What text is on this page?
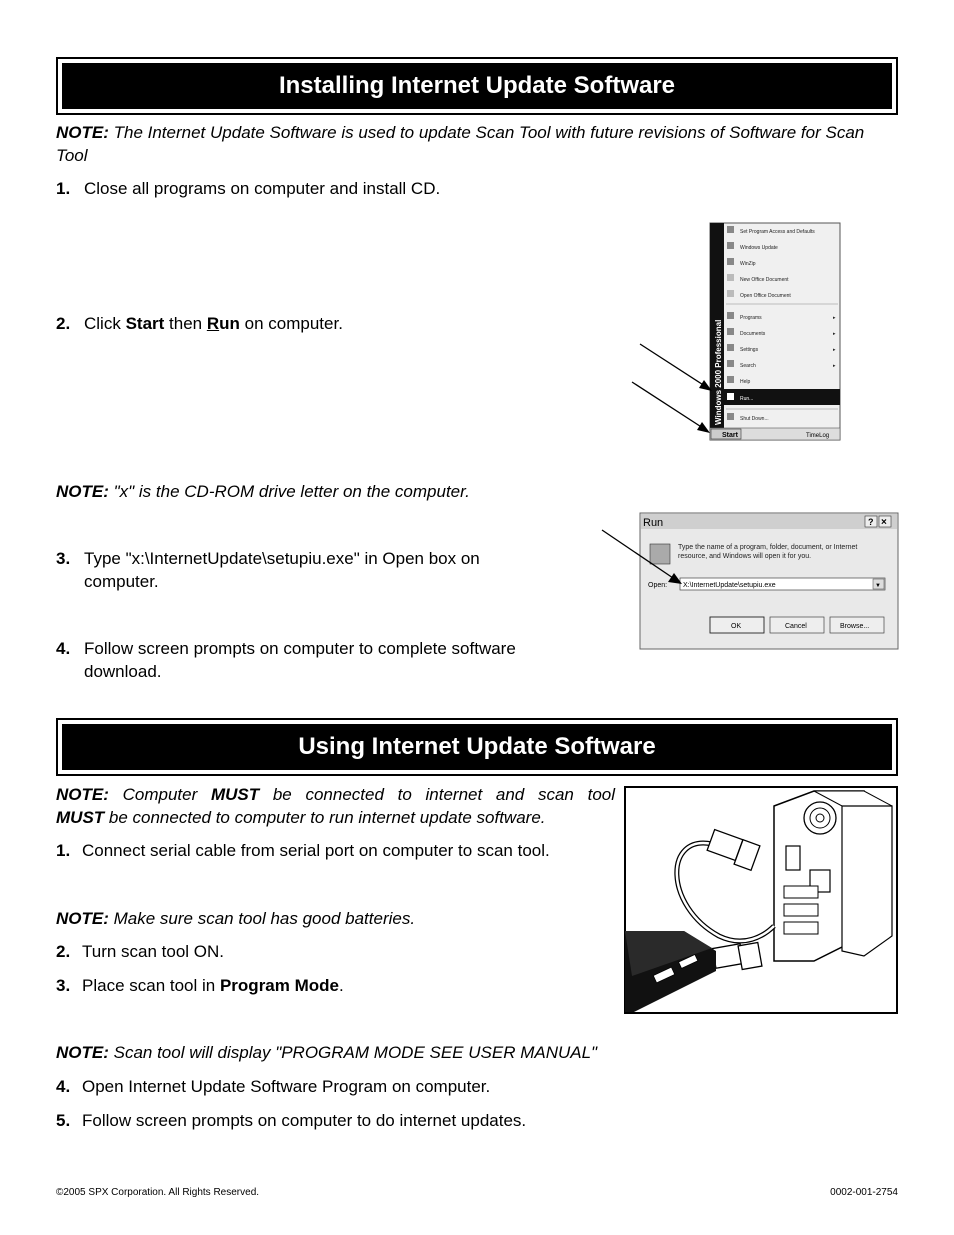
Installing Internet Update Software
NOTE: The Internet Update Software is used to update Scan Tool with future revisions of Software for Scan Tool
1. Close all programs on computer and install CD.
2. Click Start then Run on computer.
NOTE: "x" is the CD-ROM drive letter on the computer.
3. Type "x:\InternetUpdate\setupiu.exe" in Open box on computer.
4. Follow screen prompts on computer to complete software download.
Windows 2000 Professional
Set Program Access and Defaults
Windows Update
WinZip
New Office Document
Open Office Document
Programs	▸
Documents	▸
Settings	▸
Search	▸
Help
Run...
Shut Down...
Start	TimeLog
Run	? ×
Type the name of a program, folder, document, or Internet resource, and Windows will open it for you.
Open: X:\InternetUpdate\setupiu.exe	▼
OK	Cancel	Browse...
Using Internet Update Software
NOTE: Computer MUST be connected to internet and scan tool
MUST be connected to computer to run internet update software.
1. Connect serial cable from serial port on computer to scan tool.
NOTE: Make sure scan tool has good batteries.
2. Turn scan tool ON.
3. Place scan tool in Program Mode.
NOTE: Scan tool will display "PROGRAM MODE SEE USER MANUAL"
4. Open Internet Update Software Program on computer.
5. Follow screen prompts on computer to do internet updates.
©2005 SPX Corporation. All Rights Reserved.	0002-001-2754
